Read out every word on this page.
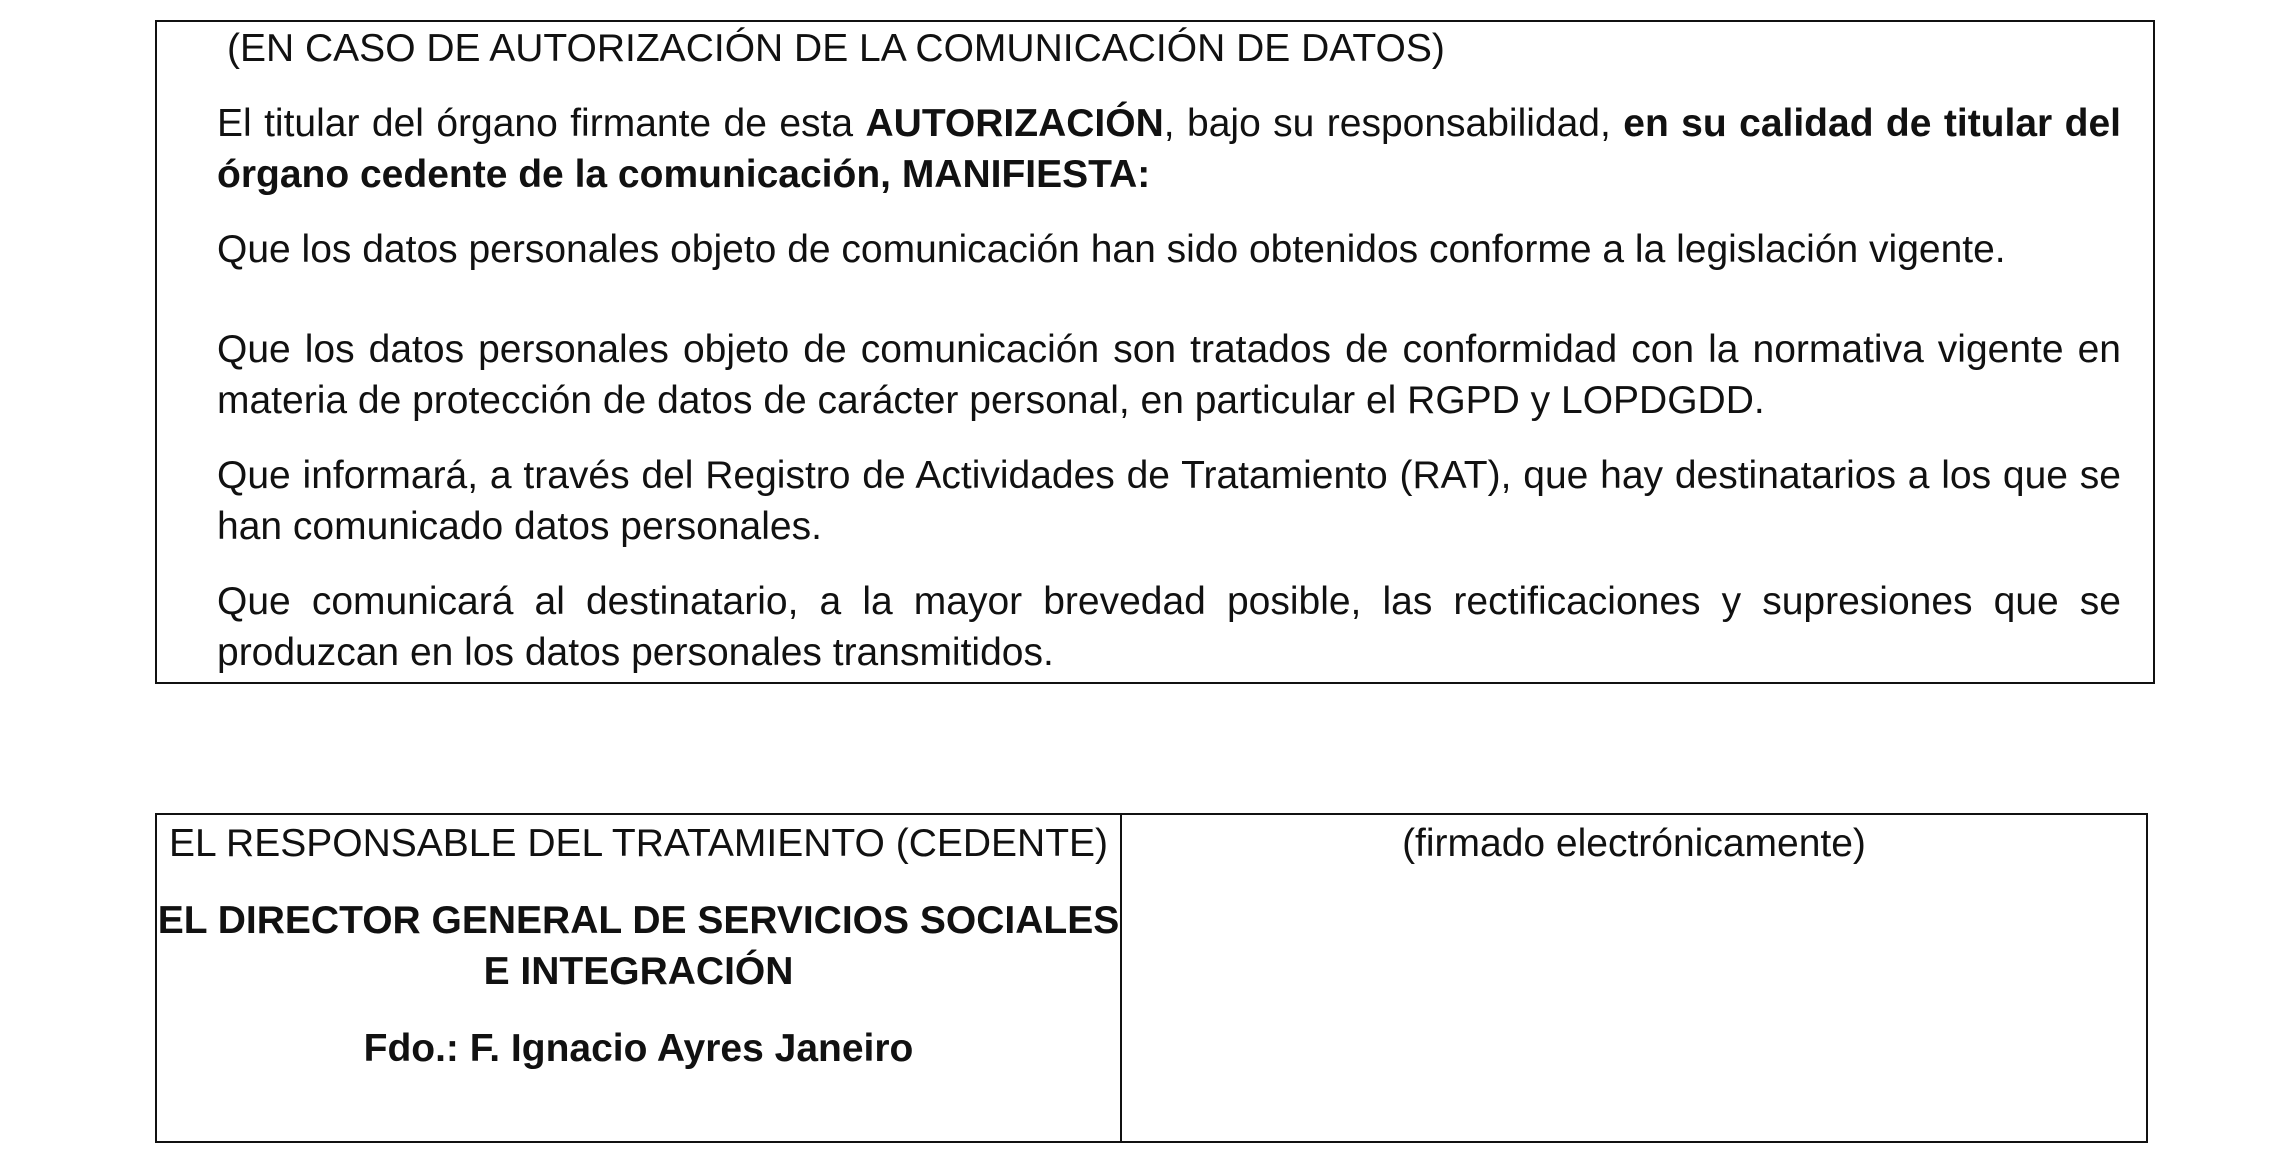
(EN CASO DE AUTORIZACIÓN DE LA COMUNICACIÓN DE DATOS)

El titular del órgano firmante de esta AUTORIZACIÓN, bajo su responsabilidad, en su calidad de titular del órgano cedente de la comunicación, MANIFIESTA:

Que los datos personales objeto de comunicación han sido obtenidos conforme a la legislación vigente.

Que los datos personales objeto de comunicación son tratados de conformidad con la normativa vigente en materia de protección de datos de carácter personal, en particular el RGPD y LOPDGDD.

Que informará, a través del Registro de Actividades de Tratamiento (RAT), que hay destinatarios a los que se han comunicado datos personales.

Que comunicará al destinatario, a la mayor brevedad posible, las rectificaciones y supresiones que se produzcan en los datos personales transmitidos.

EL RESPONSABLE DEL TRATAMIENTO (CEDENTE)
EL DIRECTOR GENERAL DE SERVICIOS SOCIALES E INTEGRACIÓN
Fdo.: F. Ignacio Ayres Janeiro
	(firmado electrónicamente)
